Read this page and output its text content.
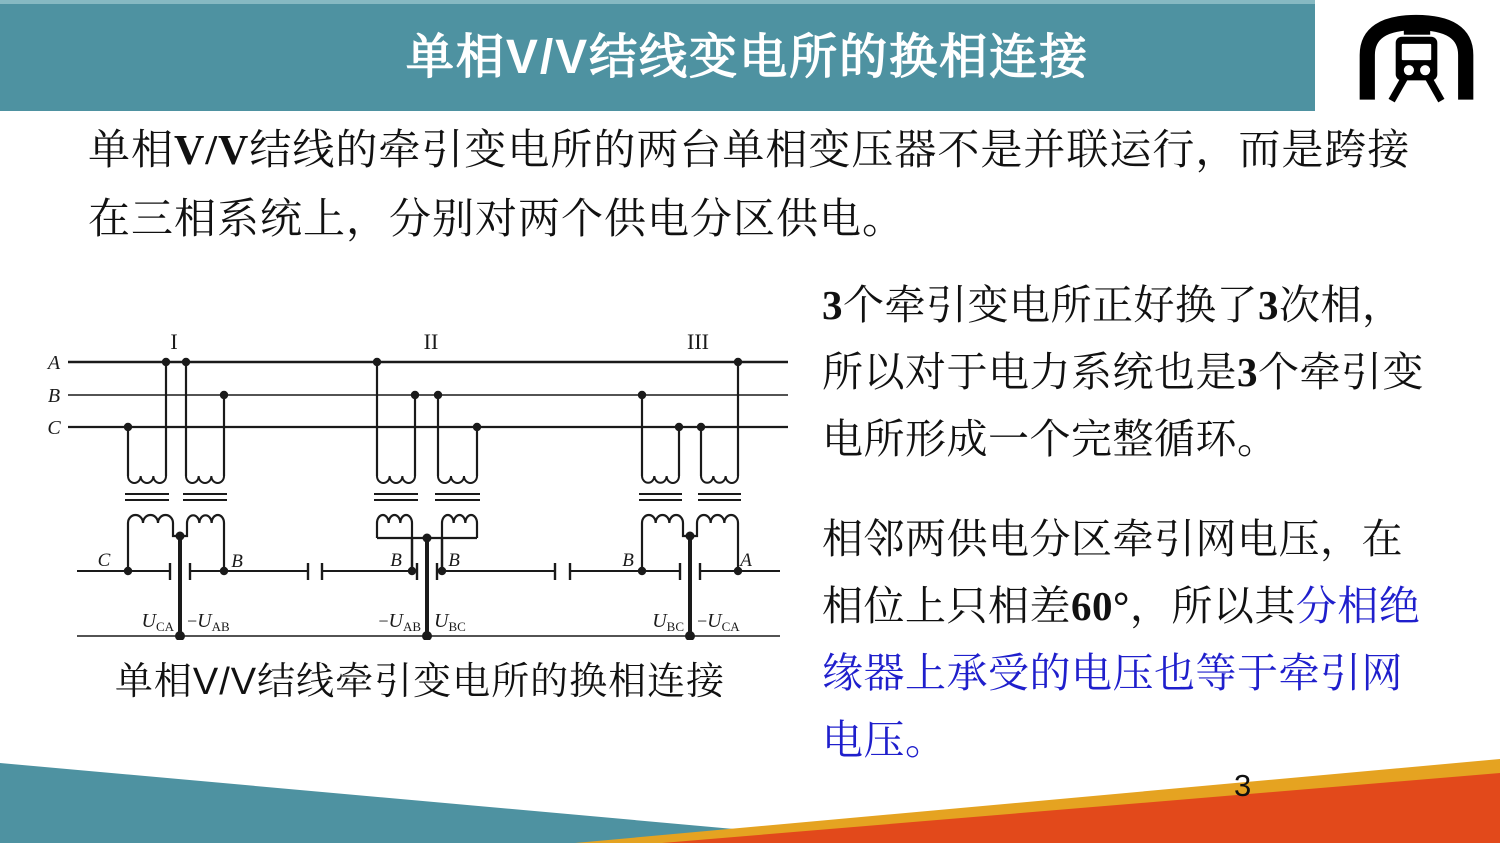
单相V/V结线变电所的换相连接
单相V/V结线的牵引变电所的两台单相变压器不是并联运行，而是跨接在三相系统上，分别对两个供电分区供电。
3个牵引变电所正好换了3次相，所以对于电力系统也是3个牵引变电所形成一个完整循环。
相邻两供电分区牵引网电压，在相位上只相差60°，所以其分相绝缘器上承受的电压也等于牵引网电压。
I	II	III
A
B
C
C	B	B B	B	A
$U_{CA} -U_{AB}$	$-U_{AB}$ $U_{BC}$	$U_{BC} -U_{CA}$
单相V/V结线牵引变电所的换相连接
3
